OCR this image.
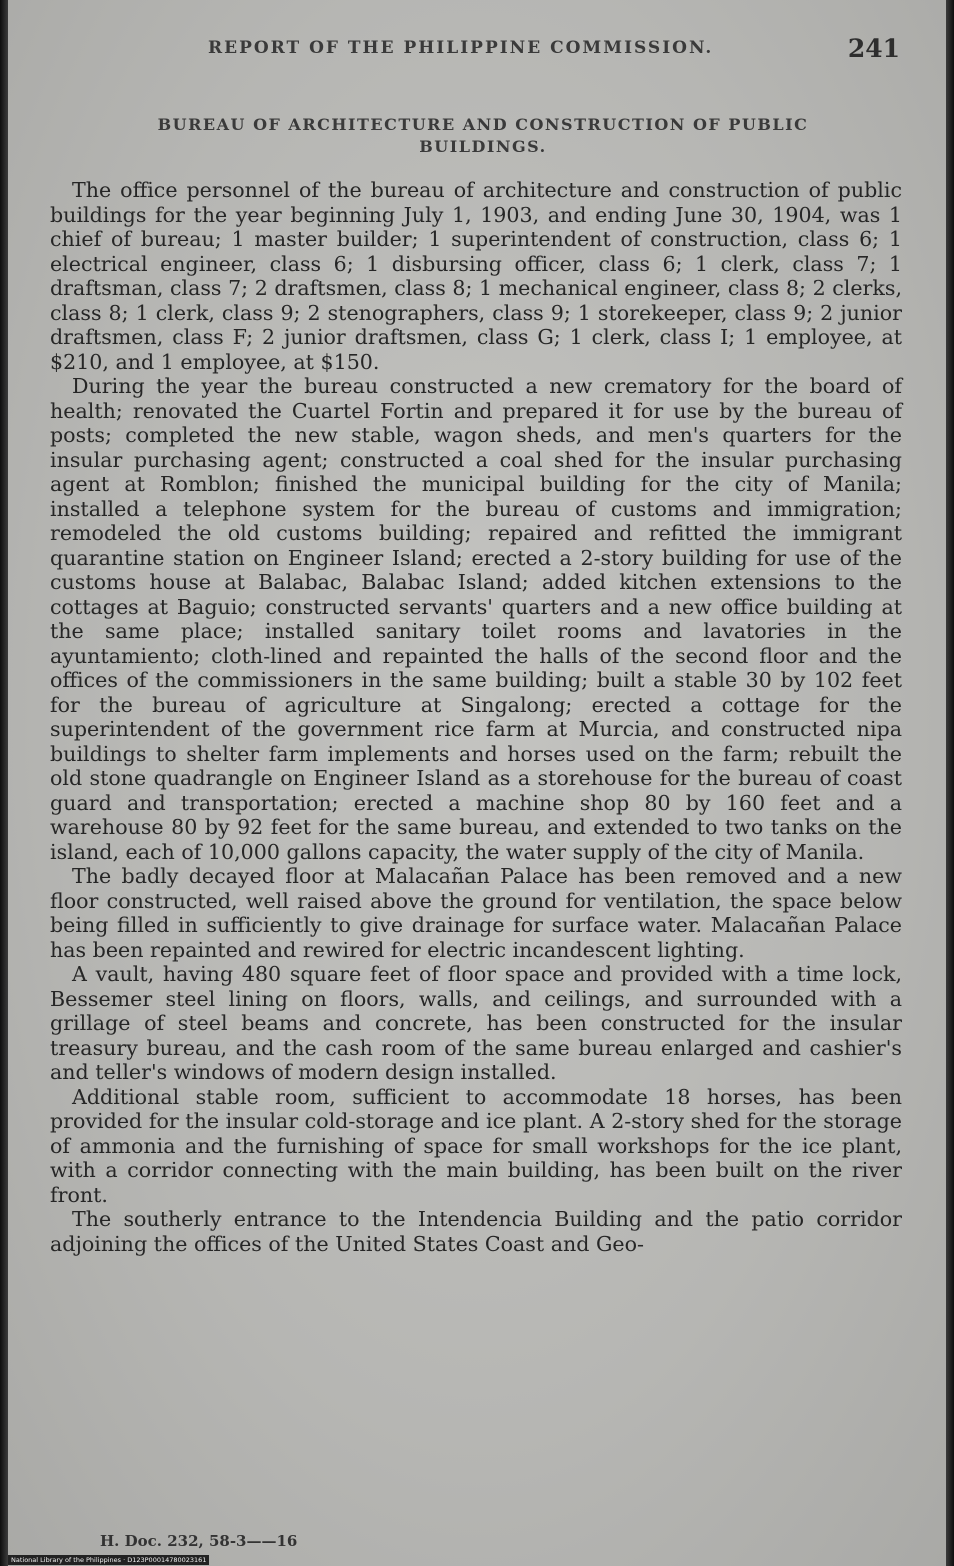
REPORT OF THE PHILIPPINE COMMISSION.	241
BUREAU OF ARCHITECTURE AND CONSTRUCTION OF PUBLIC
BUILDINGS.

The office personnel of the bureau of architecture and construction of public buildings for the year beginning July 1, 1903, and ending June 30, 1904, was 1 chief of bureau; 1 master builder; 1 superintendent of construction, class 6; 1 electrical engineer, class 6; 1 disbursing officer, class 6; 1 clerk, class 7; 1 draftsman, class 7; 2 draftsmen, class 8; 1 mechanical engineer, class 8; 2 clerks, class 8; 1 clerk, class 9; 2 stenographers, class 9; 1 storekeeper, class 9; 2 junior draftsmen, class F; 2 junior draftsmen, class G; 1 clerk, class I; 1 employee, at $210, and 1 employee, at $150.

During the year the bureau constructed a new crematory for the board of health; renovated the Cuartel Fortin and prepared it for use by the bureau of posts; completed the new stable, wagon sheds, and men's quarters for the insular purchasing agent; constructed a coal shed for the insular purchasing agent at Romblon; finished the municipal building for the city of Manila; installed a telephone system for the bureau of customs and immigration; remodeled the old customs building; repaired and refitted the immigrant quarantine station on Engineer Island; erected a 2-story building for use of the customs house at Balabac, Balabac Island; added kitchen extensions to the cottages at Baguio; constructed servants' quarters and a new office building at the same place; installed sanitary toilet rooms and lavatories in the ayuntamiento; cloth-lined and repainted the halls of the second floor and the offices of the commissioners in the same building; built a stable 30 by 102 feet for the bureau of agriculture at Singalong; erected a cottage for the superintendent of the government rice farm at Murcia, and constructed nipa buildings to shelter farm implements and horses used on the farm; rebuilt the old stone quadrangle on Engineer Island as a storehouse for the bureau of coast guard and transportation; erected a machine shop 80 by 160 feet and a warehouse 80 by 92 feet for the same bureau, and extended to two tanks on the island, each of 10,000 gallons capacity, the water supply of the city of Manila.

The badly decayed floor at Malacañan Palace has been removed and a new floor constructed, well raised above the ground for ventilation, the space below being filled in sufficiently to give drainage for surface water. Malacañan Palace has been repainted and rewired for electric incandescent lighting.

A vault, having 480 square feet of floor space and provided with a time lock, Bessemer steel lining on floors, walls, and ceilings, and surrounded with a grillage of steel beams and concrete, has been constructed for the insular treasury bureau, and the cash room of the same bureau enlarged and cashier's and teller's windows of modern design installed.

Additional stable room, sufficient to accommodate 18 horses, has been provided for the insular cold-storage and ice plant. A 2-story shed for the storage of ammonia and the furnishing of space for small workshops for the ice plant, with a corridor connecting with the main building, has been built on the river front.

The southerly entrance to the Intendencia Building and the patio corridor adjoining the offices of the United States Coast and Geo-

H. Doc. 232, 58-3——16
National Library of the Philippines · D123P00014780023161
